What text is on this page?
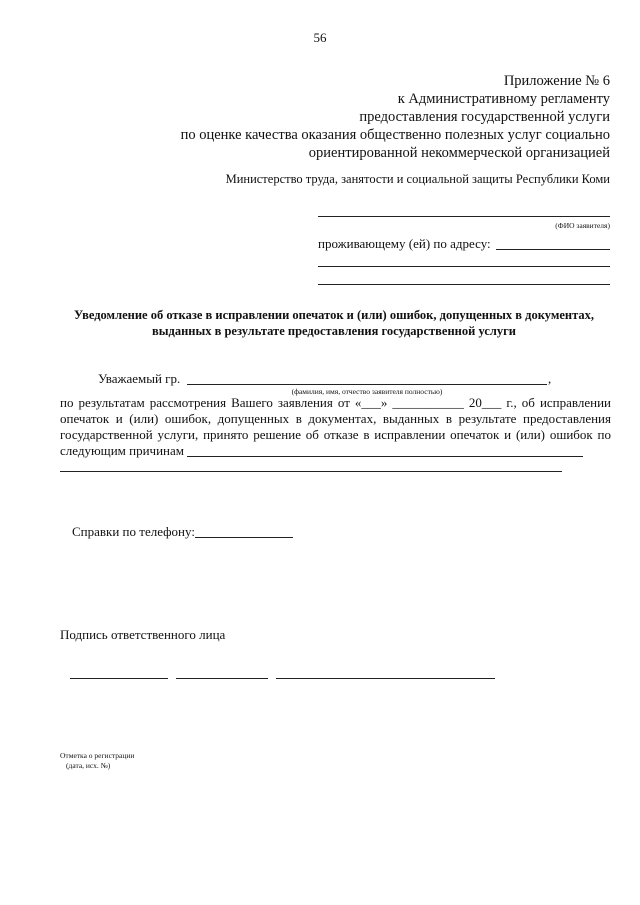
56
Приложение № 6
к Административному регламенту
предоставления государственной услуги
по оценке качества оказания общественно полезных услуг социально
ориентированной некоммерческой организацией
Министерство труда, занятости и социальной защиты Республики Коми
(ФИО заявителя)
проживающему (ей) по адресу:
Уведомление об отказе в исправлении опечаток и (или) ошибок, допущенных в документах,
выданных в результате предоставления государственной услуги
Уважаемый гр.	,
(фамилия, имя, отчество заявителя полностью)
по результатам рассмотрения Вашего заявления от «___» ___________ 20___ г., об исправлении опечаток и (или) ошибок, допущенных в документах, выданных в результате предоставления государственной услуги, принято решение об отказе в исправлении опечаток и (или) ошибок по следующим причинам
Справки по телефону:
Подпись ответственного лица
Отметка о регистрации
(дата, исх. №)
